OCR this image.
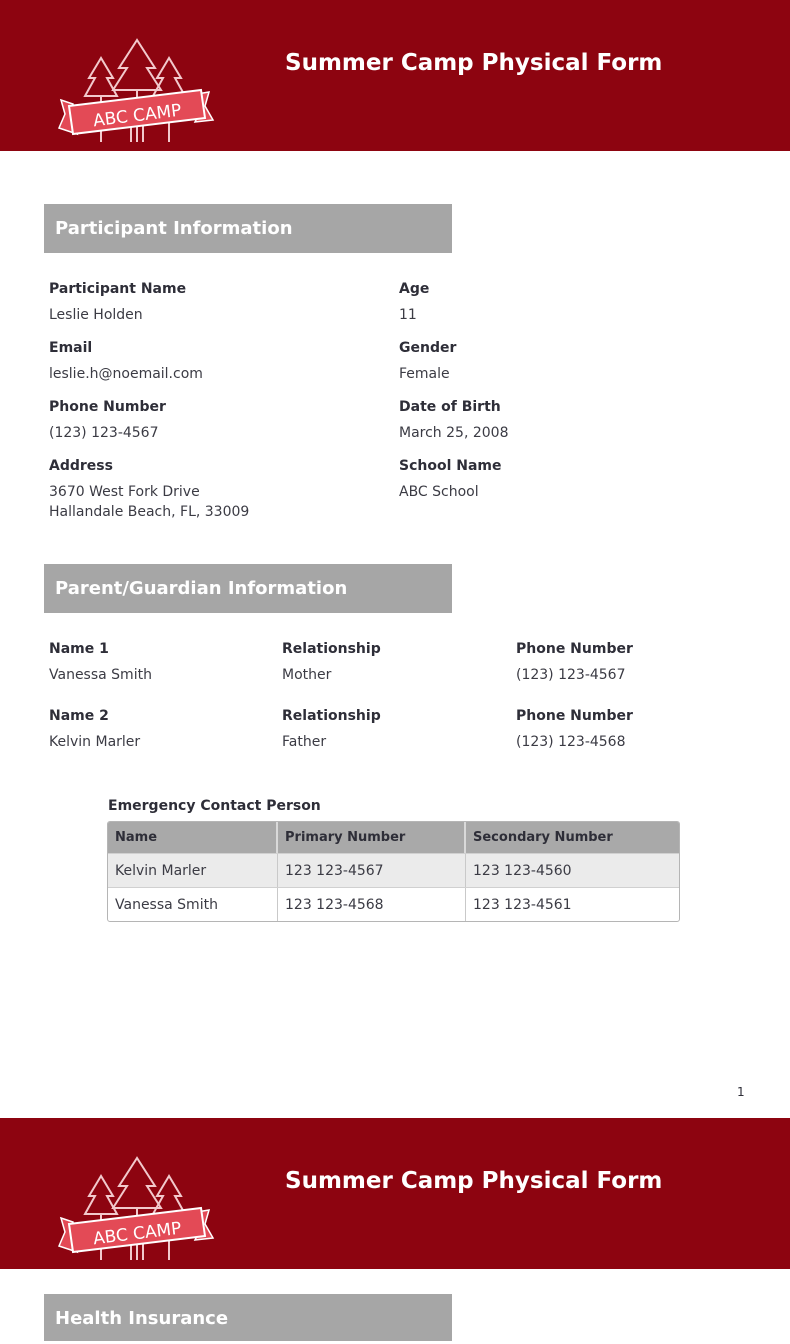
ABC CAMP
Summer Camp Physical Form
Participant Information
Participant Name
Leslie Holden
Age
11
Email
leslie.h@noemail.com
Gender
Female
Phone Number
(123) 123-4567
Date of Birth
March 25, 2008
Address
3670 West Fork Drive
Hallandale Beach, FL, 33009
School Name
ABC School
Parent/Guardian Information
Name 1
Vanessa Smith
Relationship
Mother
Phone Number
(123) 123-4567
Name 2
Kelvin Marler
Relationship
Father
Phone Number
(123) 123-4568
Emergency Contact Person
Name	Primary Number	Secondary Number
Kelvin Marler	123 123-4567	123 123-4560
Vanessa Smith	123 123-4568	123 123-4561
1
ABC CAMP
Summer Camp Physical Form
Health Insurance
